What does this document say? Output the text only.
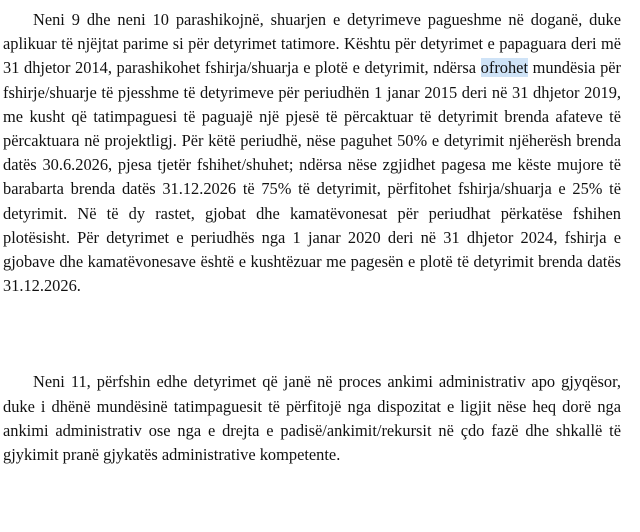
Neni 9 dhe neni 10 parashikojnë, shuarjen e detyrimeve pagueshme në doganë, duke aplikuar të njëjtat parime si për detyrimet tatimore. Kështu për detyrimet e papaguara deri më 31 dhjetor 2014, parashikohet fshirja/shuarja e plotë e detyrimit, ndërsa ofrohet mundësia për fshirje/shuarje të pjesshme të detyrimeve për periudhën 1 janar 2015 deri në 31 dhjetor 2019, me kusht që tatimpaguesi të paguajë një pjesë të përcaktuar të detyrimit brenda afateve të përcaktuara në projektligj. Për këtë periudhë, nëse paguhet 50% e detyrimit njëherësh brenda datës 30.6.2026, pjesa tjetër fshihet/shuhet; ndërsa nëse zgjidhet pagesa me këste mujore të barabarta brenda datës 31.12.2026 të 75% të detyrimit, përfitohet fshirja/shuarja e 25% të detyrimit. Në të dy rastet, gjobat dhe kamatëvonesat për periudhat përkatëse fshihen plotësisht. Për detyrimet e periudhës nga 1 janar 2020 deri në 31 dhjetor 2024, fshirja e gjobave dhe kamatëvonesave është e kushtëzuar me pagesën e plotë të detyrimit brenda datës 31.12.2026.

Neni 11, përfshin edhe detyrimet që janë në proces ankimi administrativ apo gjyqësor, duke i dhënë mundësinë tatimpaguesit të përfitojë nga dispozitat e ligjit nëse heq dorë nga ankimi administrativ ose nga e drejta e padisë/ankimit/rekursit në çdo fazë dhe shkallë të gjykimit pranë gjykatës administrative kompetente.
